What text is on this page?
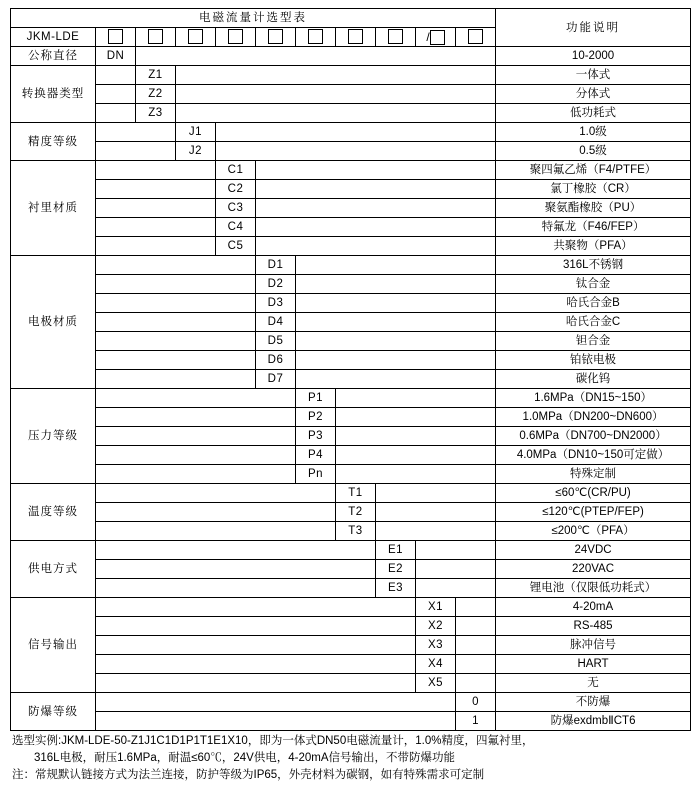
电磁流量计选型表											功能说明
JKM-LDE									/		
公称直径	DN										10-2000
转换器类型		Z1									一体式
		Z2									分体式
		Z3									低功耗式
精度等级			J1								1.0级
			J2								0.5级
衬里材质				C1							聚四氟乙烯（F4/PTFE）
				C2							氯丁橡胶（CR）
				C3							聚氨酯橡胶（PU）
				C4							特氟龙（F46/FEP）
				C5							共聚物（PFA）
电极材质					D1						316L不锈钢
					D2						钛合金
					D3						哈氏合金B
					D4						哈氏合金C
					D5						钽合金
					D6						铂铱电极
					D7						碳化钨
压力等级						P1					1.6MPa（DN15~150）
						P2					1.0MPa（DN200~DN600）
						P3					0.6MPa（DN700~DN2000）
						P4					4.0MPa（DN10~150可定做）
						Pn					特殊定制
温度等级							T1				≤60℃(CR/PU)
							T2				≤120℃(PTEP/FEP)
							T3				≤200℃（PFA）
供电方式								E1			24VDC
								E2			220VAC
								E3			锂电池（仅限低功耗式）
信号输出									X1		4-20mA
									X2		RS-485
									X3		脉冲信号
									X4		HART
									X5		无
防爆等级										0	不防爆
										1	防爆exdmbⅡCT6
选型实例:JKM-LDE-50-Z1J1C1D1P1T1E1X10，即为一体式DN50电磁流量计，1.0%精度，四氟衬里，
316L电极，耐压1.6MPa，耐温≤60℃，24V供电，4-20mA信号输出，不带防爆功能
注：常规默认链接方式为法兰连接，防护等级为IP65，外壳材料为碳钢，如有特殊需求可定制
